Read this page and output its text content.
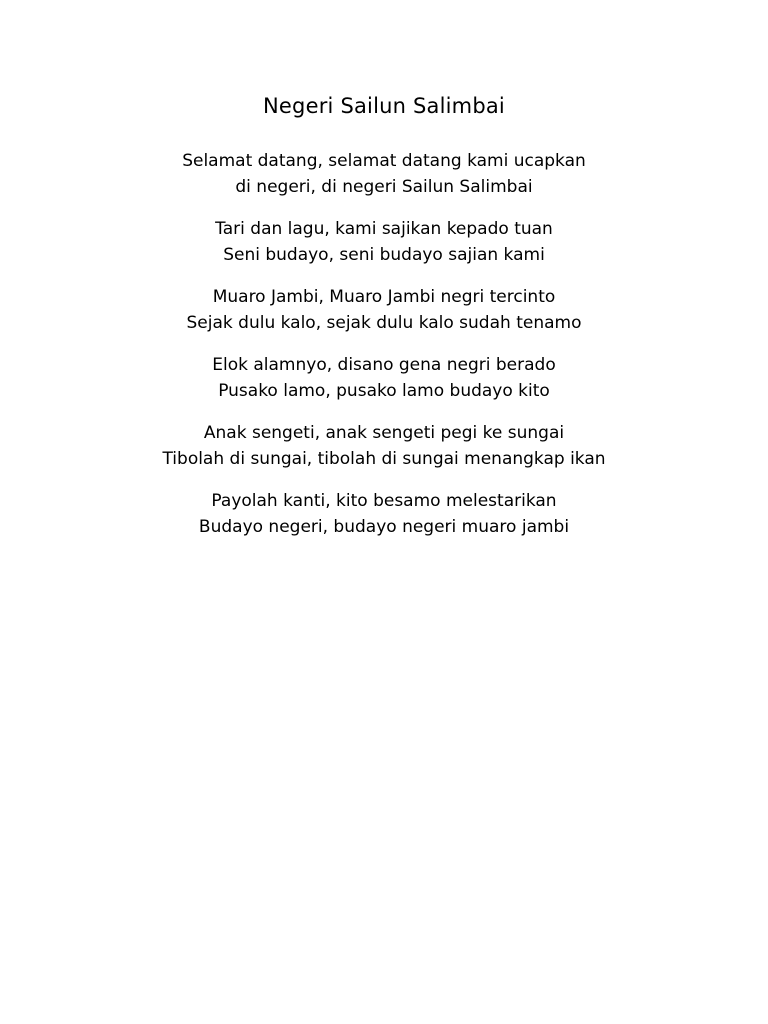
Negeri Sailun Salimbai
Selamat datang, selamat datang kami ucapkan
di negeri, di negeri Sailun Salimbai
Tari dan lagu, kami sajikan kepado tuan
Seni budayo, seni budayo sajian kami
Muaro Jambi, Muaro Jambi negri tercinto
Sejak dulu kalo, sejak dulu kalo sudah tenamo
Elok alamnyo, disano gena negri berado
Pusako lamo, pusako lamo budayo kito
Anak sengeti, anak sengeti pegi ke sungai
Tibolah di sungai, tibolah di sungai menangkap ikan
Payolah kanti, kito besamo melestarikan
Budayo negeri, budayo negeri muaro jambi
